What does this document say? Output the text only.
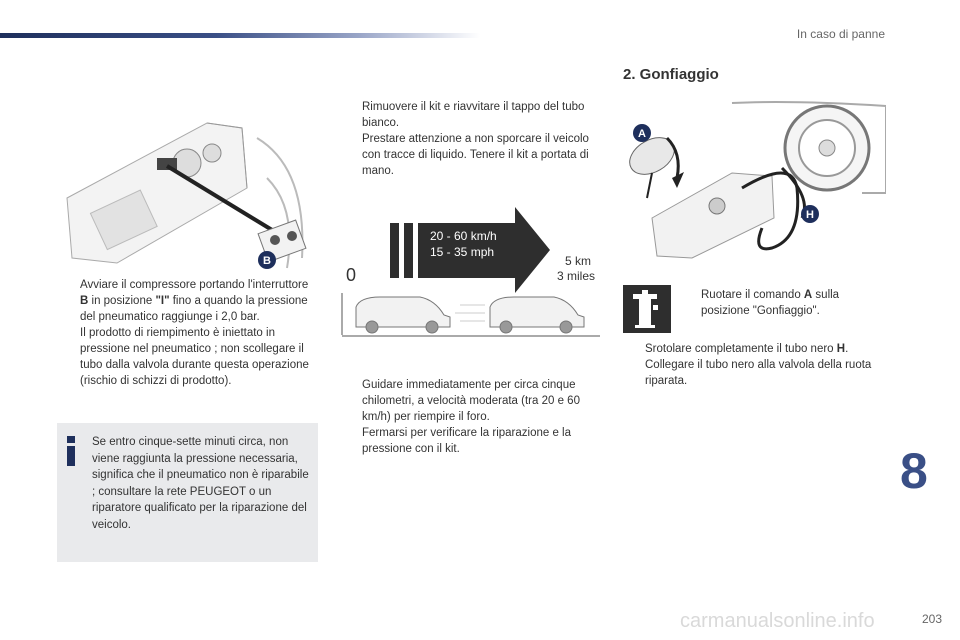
In caso di panne
B
Avviare il compressore portando l'interruttore B in posizione "I" fino a quando la pressione del pneumatico raggiunge i 2,0 bar.
Il prodotto di riempimento è iniettato in pressione nel pneumatico ; non scollegare il tubo dalla valvola durante questa operazione (rischio di schizzi di prodotto).
Se entro cinque-sette minuti circa, non viene raggiunta la pressione necessaria, significa che il pneumatico non è riparabile ; consultare la rete PEUGEOT o un riparatore qualificato per la riparazione del veicolo.
Rimuovere il kit e riavvitare il tappo del tubo bianco.
Prestare attenzione a non sporcare il veicolo con tracce di liquido. Tenere il kit a portata di mano.
20 - 60 km/h
15 - 35 mph
5 km
3 miles
0
Guidare immediatamente per circa cinque chilometri, a velocità moderata (tra 20 e 60 km/h) per riempire il foro.
Fermarsi per verificare la riparazione e la pressione con il kit.
2. Gonfiaggio
A
H
Ruotare il comando A sulla posizione "Gonfiaggio".
Srotolare completamente il tubo nero H.
Collegare il tubo nero alla valvola della ruota riparata.
8
carmanualsonline.info	203
